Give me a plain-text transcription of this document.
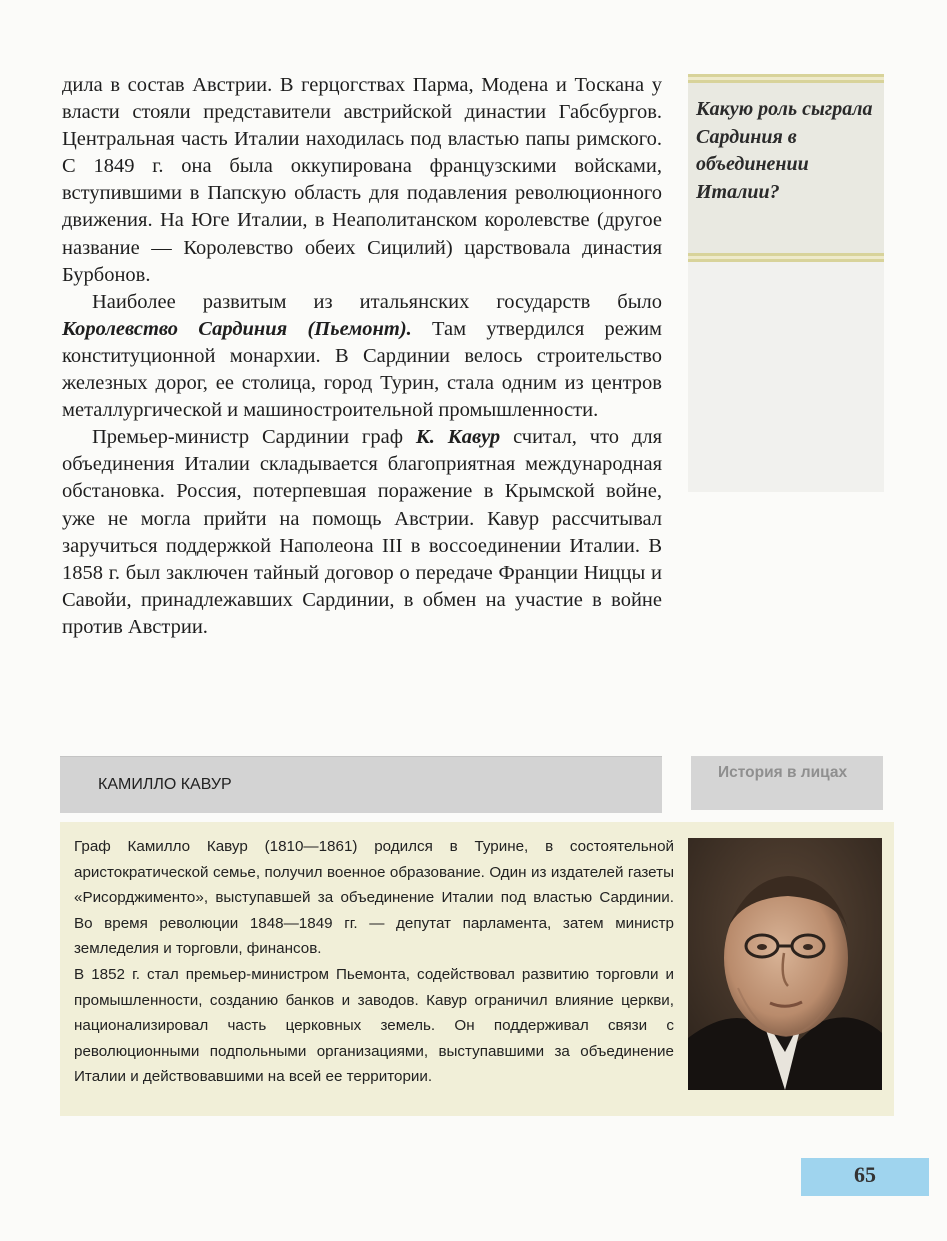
дила в состав Австрии. В герцогствах Парма, Модена и Тоскана у власти стояли представители австрийской династии Габсбургов. Центральная часть Италии находилась под властью папы римского. С 1849 г. она была оккупирована французскими войсками, вступившими в Папскую область для подавления революционного движения. На Юге Италии, в Неаполитанском королевстве (другое название — Королевство обеих Сицилий) царствовала династия Бурбонов.

Наиболее развитым из итальянских государств было Королевство Сардиния (Пьемонт). Там утвердился режим конституционной монархии. В Сардинии велось строительство железных дорог, ее столица, город Турин, стала одним из центров металлургической и машиностроительной промышленности.

Премьер-министр Сардинии граф К. Кавур считал, что для объединения Италии складывается благоприятная международная обстановка. Россия, потерпевшая поражение в Крымской войне, уже не могла прийти на помощь Австрии. Кавур рассчитывал заручиться поддержкой Наполеона III в воссоединении Италии. В 1858 г. был заключен тайный договор о передаче Франции Ниццы и Савойи, принадлежавших Сардинии, в обмен на участие в войне против Австрии.

Какую роль сыграла Сардиния в объединении Италии?
КАМИЛЛО КАВУР
История в лицах

Граф Камилло Кавур (1810—1861) родился в Турине, в состоятельной аристократической семье, получил военное образование. Один из издателей газеты «Рисорджименто», выступавшей за объединение Италии под властью Сардинии. Во время революции 1848—1849 гг. — депутат парламента, затем министр земледелия и торговли, финансов.

В 1852 г. стал премьер-министром Пьемонта, содействовал развитию торговли и промышленности, созданию банков и заводов. Кавур ограничил влияние церкви, национализировал часть церковных земель. Он поддерживал связи с революционными подпольными организациями, выступавшими за объединение Италии и действовавшими на всей ее территории.

65
